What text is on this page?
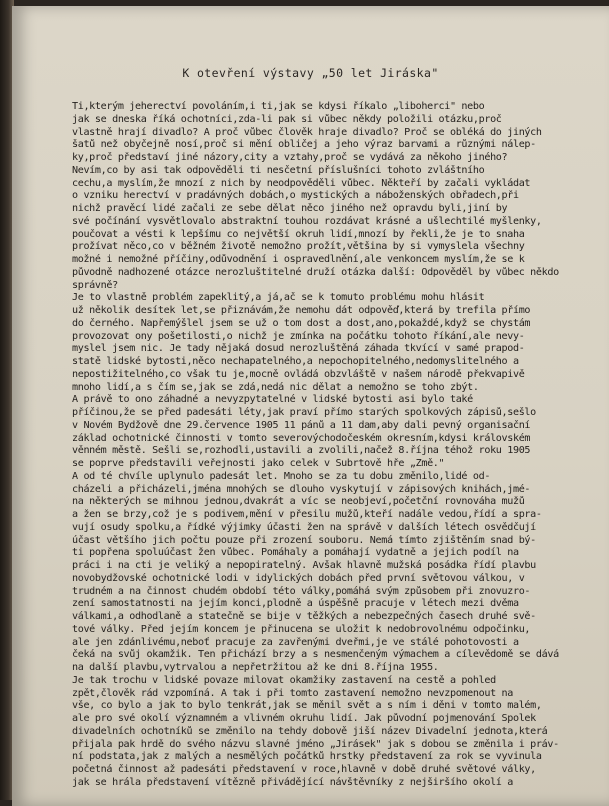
K otevření výstavy „50 let Jiráska"
Ti,kterým jeherectví povoláním,i ti,jak se kdysi říkalo „libohercі" nebo
jak se dneska říká ochotníci,zda-li pak si vůbec někdy položili otázku,proč
vlastně hrají divadlo? A proč vůbec člověk hraje divadlo? Proč se obléká do jiných
šatů než obyčejně nosí,proč si mění obličej a jeho výraz barvami a různými nálep-
ky,proč představí jiné názory,city a vztahy,proč se vydává za někoho jiného?
Nevím,co by asi tak odpověděli ti nesčetní příslušníci tohoto zvláštního
cechu,a myslím,že mnozí z nich by neodpověděli vůbec. Někteří by začali vykládat
o vzniku herectví v pradávných dobách,o mystických a náboženských obřadech,při
nichž pravěcí lidé začali ze sebe dělat něco jiného než opravdu byli,jiní by
své počínání vysvětlovalo abstraktní touhou rozdávat krásné a ušlechtilé myšlenky,
poučovat a vésti k lepšímu co největší okruh lidí,mnozí by řekli,že je to snaha
prožívat něco,co v běžném životě nemožno prožít,většina by si vymyslela všechny
možné i nemožné příčiny,odůvodnění i ospravedlnění,ale venkoncem myslím,že se k
původně nadhozené otázce nerozluštitelné druží otázka další: Odpověděl by vůbec někdo
správně?
Je to vlastně problém zapeklitý,a já,ač se k tomuto problému mohu hlásit
už několik desítek let,se přiznávám,že nemohu dát odpověď,která by trefila přímo
do černého. Napřemýšlel jsem se už o tom dost a dost,ano,pokaždé,když se chystám
provozovat ony pošetilosti,o nichž je zmínka na počátku tohoto říkání,ale nevy-
myslel jsem nic. Je tady nějaká dosud nerozluštěná záhada tkvící v samé prapod-
statě lidské bytosti,něco nechapatelného,a nepochopitelného,nedomyslitelného a
nepostižitelného,co však tu je,mocně ovládá obzvláště v našem národě překvapivě
mnoho lidí,a s čím se,jak se zdá,nedá nic dělat a nemožno se toho zbýt.
A právě to ono záhadné a nevyzpytatelné v lidské bytosti asi bylo také
příčinou,že se před padesáti léty,jak praví přímo starých spolkových zápisů,sešlo
v Novém Bydžově dne 29.července 1905 11 pánů a 11 dam,aby dali pevný organisační
základ ochotnické činnosti v tomto severovýchodočeském okresním,kdysi královském
věnném městě. Sešli se,rozhodli,ustavili a zvolili,načež 8.října téhož roku 1905
se poprve představili veřejnosti jako celek v Šubrtově hře „Změ."
A od té chvíle uplynulo padesát let. Mnoho se za tu dobu změnilo,lidé od-
cházeli a přicházeli,jména mnohých se dlouho vyskytují v zápisových knihách,jmé-
na některých se mihnou jednou,dvakrát a víc se neobjeví,početční rovnováha mužů
a žen se brzy,což je s podivem,mění v přesilu mužů,kteří nadále vedou,řídí a spra-
vují osudy spolku,a řídké výjimky účasti žen na správě v dalších létech osvědčují
účast většího jich počtu pouze při zrození souboru. Nemá tímto zjištěním snad bý-
ti popřena spoluúčast žen vůbec. Pomáhaly a pomáhají vydatně a jejich podíl na
práci i na cti je veliký a nepopiratelný. Avšak hlavně mužská posádka řídí plavbu
novobydžovské ochotnické lodi v idylických dobách před první světovou válkou, v
trudném a na činnost chudém období této války,pomáhá svým způsobem při znovuzro-
zení samostatnosti na jejím konci,plodně a úspěšně pracuje v létech mezi dvěma
válkami,a odhodlaně a statečně se bije v těžkých a nebezpečných časech druhé svě-
tové války. Před jejím koncem je přinucena se uložit k nedobrovolnému odpočinku,
ale jen zdánlivému,neboť pracuje za zavřenými dveřmi,je ve stálé pohotovosti a
čeká na svůj okamžik. Ten přichází brzy a s nesmenčeným výmachem a cílevědomě se dává
na další plavbu,vytrvalou a nepřetržitou až ke dni 8.října 1955.
Je tak trochu v lidské povaze milovat okamžiky zastavení na cestě a pohled
zpět,člověk rád vzpomíná. A tak i při tomto zastavení nemožno nevzpomenout na
vše, co bylo a jak to bylo tenkrát,jak se měnil svět a s ním i děni v tomto malém,
ale pro své okolí významném a vlivném okruhu lidí. Jak původní pojmenování Spolek
divadelních ochotníků se změnilo na tehdy dobově jiší název Divadelní jednota,která
přijala pak hrdě do svého názvu slavné jméno „Jirásek" jak s dobou se změnila i práv-
ní podstata,jak z malých a nesmělých počátků hrstky představení za rok se vyvinula
početná činnost až padesáti představení v roce,hlavně v době druhé světové války,
jak se hrála představení vítězně přivádějící návštěvníky z nejširšího okolí a
